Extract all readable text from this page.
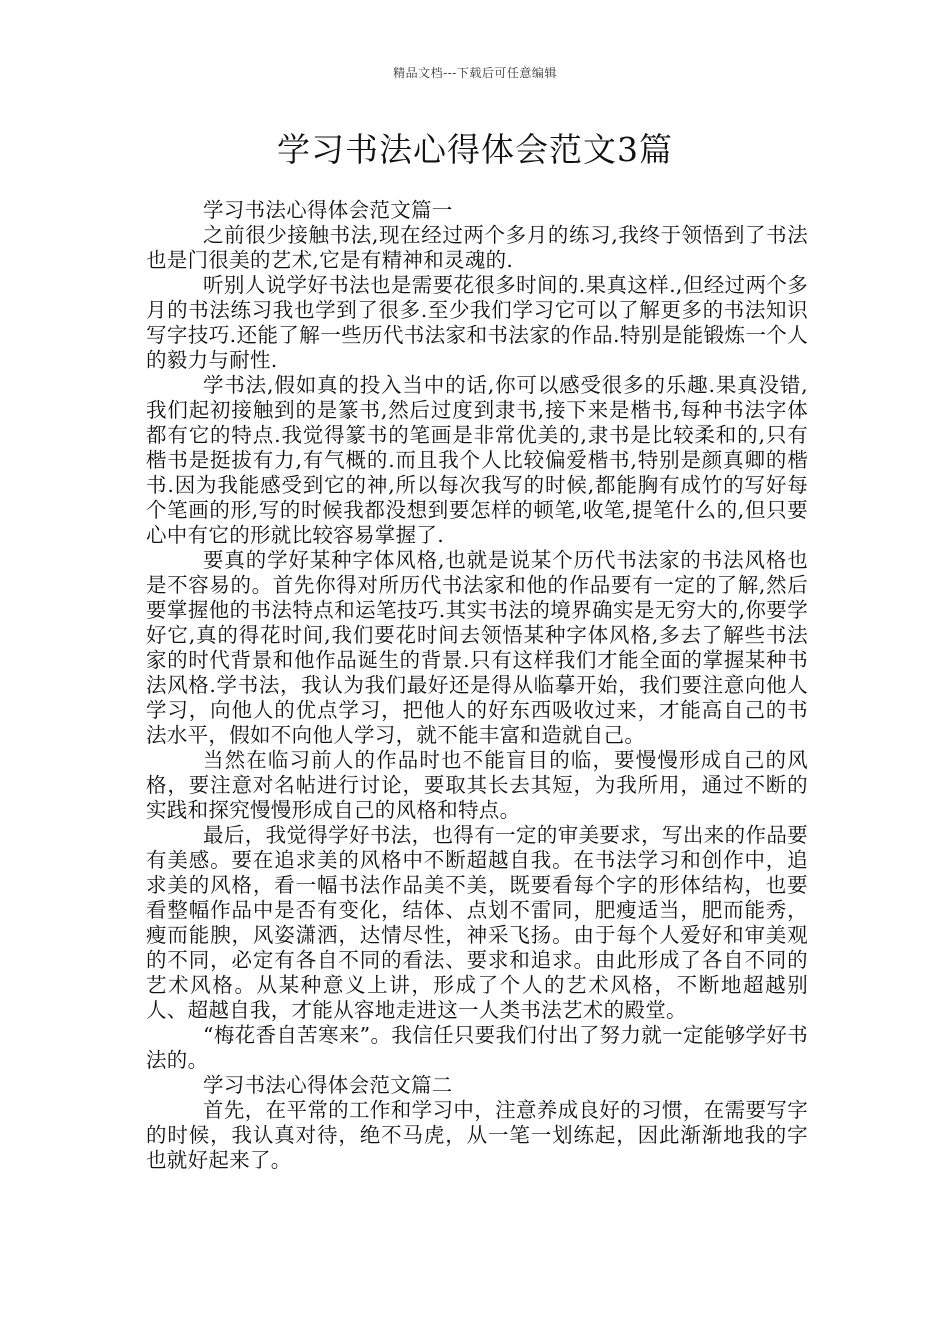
精品文档---下载后可任意编辑
学习书法心得体会范文3篇

学习书法心得体会范文篇一

之前很少接触书法,现在经过两个多月的练习,我终于领悟到了书法也是门很美的艺术,它是有精神和灵魂的.

听别人说学好书法也是需要花很多时间的.果真这样.,但经过两个多月的书法练习我也学到了很多.至少我们学习它可以了解更多的书法知识写字技巧.还能了解一些历代书法家和书法家的作品.特别是能锻炼一个人的毅力与耐性.

学书法,假如真的投入当中的话,你可以感受很多的乐趣.果真没错,我们起初接触到的是篆书,然后过度到隶书,接下来是楷书,每种书法字体都有它的特点.我觉得篆书的笔画是非常优美的,隶书是比较柔和的,只有楷书是挺拔有力,有气概的.而且我个人比较偏爱楷书,特别是颜真卿的楷书.因为我能感受到它的神,所以每次我写的时候,都能胸有成竹的写好每个笔画的形,写的时候我都没想到要怎样的顿笔,收笔,提笔什么的,但只要心中有它的形就比较容易掌握了.

要真的学好某种字体风格,也就是说某个历代书法家的书法风格也是不容易的。首先你得对所历代书法家和他的作品要有一定的了解,然后要掌握他的书法特点和运笔技巧.其实书法的境界确实是无穷大的,你要学好它,真的得花时间,我们要花时间去领悟某种字体风格,多去了解些书法家的时代背景和他作品诞生的背景.只有这样我们才能全面的掌握某种书法风格.学书法，我认为我们最好还是得从临摹开始，我们要注意向他人学习，向他人的优点学习，把他人的好东西吸收过来，才能高自己的书法水平，假如不向他人学习，就不能丰富和造就自己。

当然在临习前人的作品时也不能盲目的临，要慢慢形成自己的风格，要注意对名帖进行讨论，要取其长去其短，为我所用，通过不断的实践和探究慢慢形成自己的风格和特点。

最后，我觉得学好书法，也得有一定的审美要求，写出来的作品要有美感。要在追求美的风格中不断超越自我。在书法学习和创作中，追求美的风格，看一幅书法作品美不美，既要看每个字的形体结构，也要看整幅作品中是否有变化，结体、点划不雷同，肥瘦适当，肥而能秀，瘦而能腴，风姿潇洒，达情尽性，神采飞扬。由于每个人爱好和审美观的不同，必定有各自不同的看法、要求和追求。由此形成了各自不同的艺术风格。从某种意义上讲，形成了个人的艺术风格，不断地超越别人、超越自我，才能从容地走进这一人类书法艺术的殿堂。

“梅花香自苦寒来”。我信任只要我们付出了努力就一定能够学好书法的。

学习书法心得体会范文篇二

首先，在平常的工作和学习中，注意养成良好的习惯，在需要写字的时候，我认真对待，绝不马虎，从一笔一划练起，因此渐渐地我的字也就好起来了。
